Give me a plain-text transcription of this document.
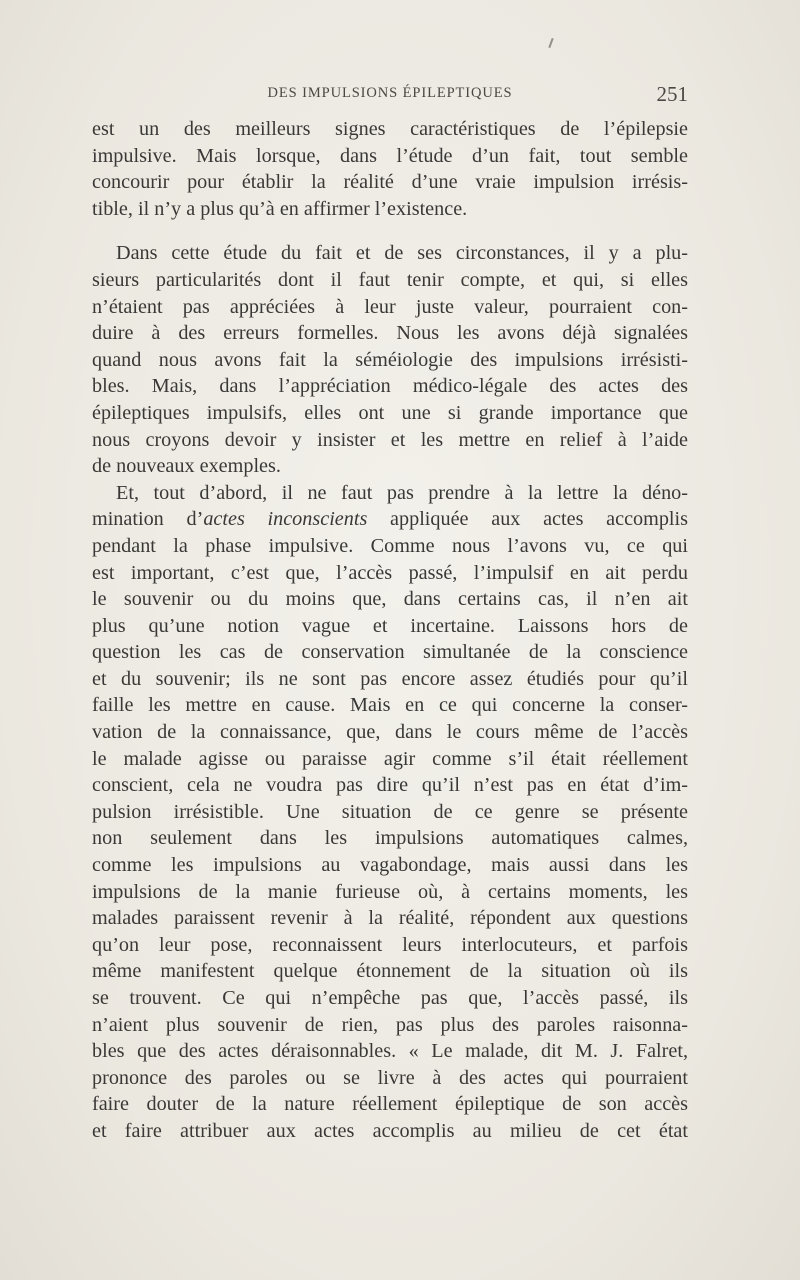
DES IMPULSIONS ÉPILEPTIQUES	251
est un des meilleurs signes caractéristiques de l’épilepsie
impulsive. Mais lorsque, dans l’étude d’un fait, tout semble
concourir pour établir la réalité d’une vraie impulsion irrésis-
tible, il n’y a plus qu’à en affirmer l’existence.
Dans cette étude du fait et de ses circonstances, il y a plu-
sieurs particularités dont il faut tenir compte, et qui, si elles
n’étaient pas appréciées à leur juste valeur, pourraient con-
duire à des erreurs formelles. Nous les avons déjà signalées
quand nous avons fait la séméiologie des impulsions irrésisti-
bles. Mais, dans l’appréciation médico-légale des actes des
épileptiques impulsifs, elles ont une si grande importance que
nous croyons devoir y insister et les mettre en relief à l’aide
de nouveaux exemples.
Et, tout d’abord, il ne faut pas prendre à la lettre la déno-
mination d’actes inconscients appliquée aux actes accomplis
pendant la phase impulsive. Comme nous l’avons vu, ce qui
est important, c’est que, l’accès passé, l’impulsif en ait perdu
le souvenir ou du moins que, dans certains cas, il n’en ait
plus qu’une notion vague et incertaine. Laissons hors de
question les cas de conservation simultanée de la conscience
et du souvenir; ils ne sont pas encore assez étudiés pour qu’il
faille les mettre en cause. Mais en ce qui concerne la conser-
vation de la connaissance, que, dans le cours même de l’accès
le malade agisse ou paraisse agir comme s’il était réellement
conscient, cela ne voudra pas dire qu’il n’est pas en état d’im-
pulsion irrésistible. Une situation de ce genre se présente
non seulement dans les impulsions automatiques calmes,
comme les impulsions au vagabondage, mais aussi dans les
impulsions de la manie furieuse où, à certains moments, les
malades paraissent revenir à la réalité, répondent aux questions
qu’on leur pose, reconnaissent leurs interlocuteurs, et parfois
même manifestent quelque étonnement de la situation où ils
se trouvent. Ce qui n’empêche pas que, l’accès passé, ils
n’aient plus souvenir de rien, pas plus des paroles raisonna-
bles que des actes déraisonnables. « Le malade, dit M. J. Falret,
prononce des paroles ou se livre à des actes qui pourraient
faire douter de la nature réellement épileptique de son accès
et faire attribuer aux actes accomplis au milieu de cet état
